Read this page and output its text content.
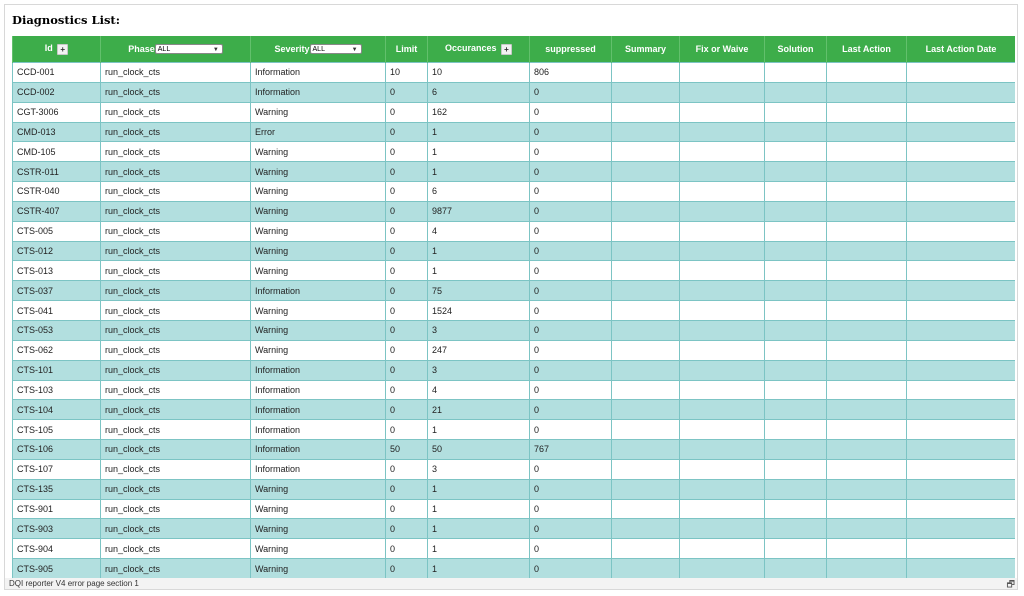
Diagnostics List:
Id +	Phase ALL ▼	Severity ALL ▼	Limit	Occurances +	suppressed	Summary	Fix or Waive	Solution	Last Action	Last Action Date
CCD-001	run_clock_cts	Information	10	10	806					
CCD-002	run_clock_cts	Information	0	6	0					
CGT-3006	run_clock_cts	Warning	0	162	0					
CMD-013	run_clock_cts	Error	0	1	0					
CMD-105	run_clock_cts	Warning	0	1	0					
CSTR-011	run_clock_cts	Warning	0	1	0					
CSTR-040	run_clock_cts	Warning	0	6	0					
CSTR-407	run_clock_cts	Warning	0	9877	0					
CTS-005	run_clock_cts	Warning	0	4	0					
CTS-012	run_clock_cts	Warning	0	1	0					
CTS-013	run_clock_cts	Warning	0	1	0					
CTS-037	run_clock_cts	Information	0	75	0					
CTS-041	run_clock_cts	Warning	0	1524	0					
CTS-053	run_clock_cts	Warning	0	3	0					
CTS-062	run_clock_cts	Warning	0	247	0					
CTS-101	run_clock_cts	Information	0	3	0					
CTS-103	run_clock_cts	Information	0	4	0					
CTS-104	run_clock_cts	Information	0	21	0					
CTS-105	run_clock_cts	Information	0	1	0					
CTS-106	run_clock_cts	Information	50	50	767					
CTS-107	run_clock_cts	Information	0	3	0					
CTS-135	run_clock_cts	Warning	0	1	0					
CTS-901	run_clock_cts	Warning	0	1	0					
CTS-903	run_clock_cts	Warning	0	1	0					
CTS-904	run_clock_cts	Warning	0	1	0					
CTS-905	run_clock_cts	Warning	0	1	0					
DQI reporter V4 error page section 1	🗗
